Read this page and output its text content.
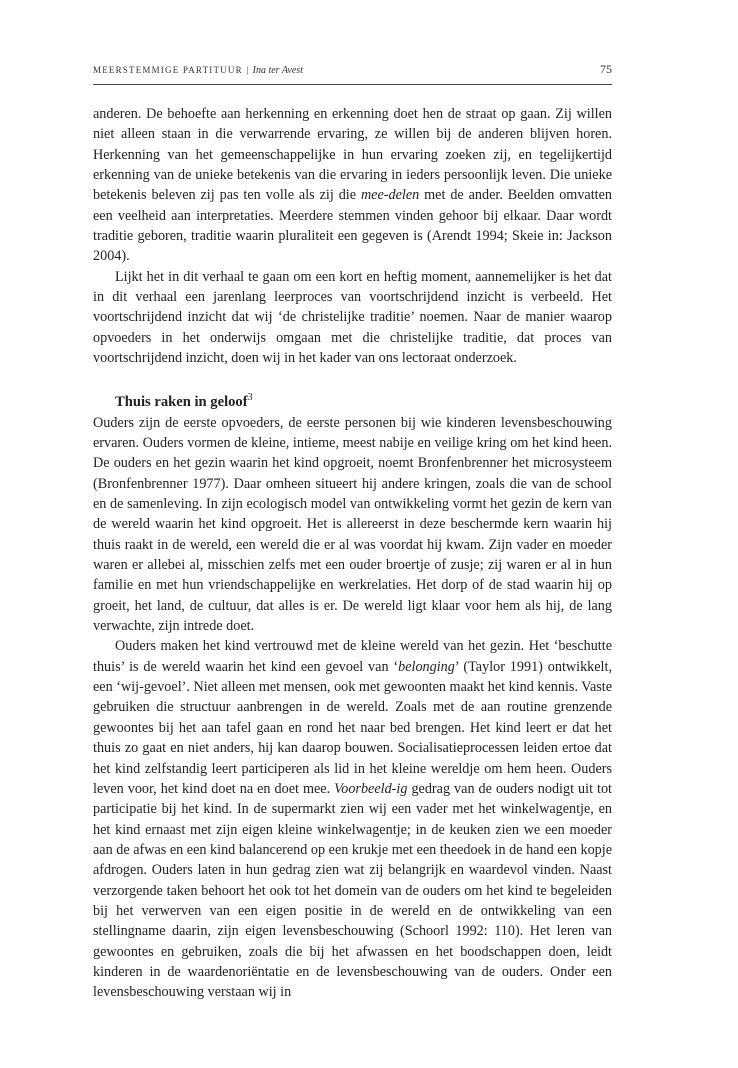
MEERSTEMMIGE PARTITUUR | Ina ter Avest	75

anderen. De behoefte aan herkenning en erkenning doet hen de straat op gaan. Zij willen niet alleen staan in die verwarrende ervaring, ze willen bij de anderen blijven horen. Herkenning van het gemeenschappelijke in hun ervaring zoeken zij, en tegelijkertijd erkenning van de unieke betekenis van die ervaring in ieders persoonlijk leven. Die unieke betekenis beleven zij pas ten volle als zij die mee-delen met de ander. Beelden omvatten een veelheid aan interpretaties. Meerdere stemmen vinden gehoor bij elkaar. Daar wordt traditie geboren, traditie waarin pluraliteit een gegeven is (Arendt 1994; Skeie in: Jackson 2004).

Lijkt het in dit verhaal te gaan om een kort en heftig moment, aannemelijker is het dat in dit verhaal een jarenlang leerproces van voortschrijdend inzicht is verbeeld. Het voortschrijdend inzicht dat wij ‘de christelijke traditie’ noemen. Naar de manier waarop opvoeders in het onderwijs omgaan met die christelijke traditie, dat proces van voortschrijdend inzicht, doen wij in het kader van ons lectoraat onderzoek.

Thuis raken in geloof$^3$

Ouders zijn de eerste opvoeders, de eerste personen bij wie kinderen levensbeschouwing ervaren. Ouders vormen de kleine, intieme, meest nabije en veilige kring om het kind heen. De ouders en het gezin waarin het kind opgroeit, noemt Bronfenbrenner het microsysteem (Bronfenbrenner 1977). Daar omheen situeert hij andere kringen, zoals die van de school en de samenleving. In zijn ecologisch model van ontwikkeling vormt het gezin de kern van de wereld waarin het kind opgroeit. Het is allereerst in deze beschermde kern waarin hij thuis raakt in de wereld, een wereld die er al was voordat hij kwam. Zijn vader en moeder waren er allebei al, misschien zelfs met een ouder broertje of zusje; zij waren er al in hun familie en met hun vriendschappelijke en werkrelaties. Het dorp of de stad waarin hij op groeit, het land, de cultuur, dat alles is er. De wereld ligt klaar voor hem als hij, de lang verwachte, zijn intrede doet.

Ouders maken het kind vertrouwd met de kleine wereld van het gezin. Het ‘beschutte thuis’ is de wereld waarin het kind een gevoel van ‘belonging’ (Taylor 1991) ontwikkelt, een ‘wij-gevoel’. Niet alleen met mensen, ook met gewoonten maakt het kind kennis. Vaste gebruiken die structuur aanbrengen in de wereld. Zoals met de aan routine grenzende gewoontes bij het aan tafel gaan en rond het naar bed brengen. Het kind leert er dat het thuis zo gaat en niet anders, hij kan daarop bouwen. Socialisatieprocessen leiden ertoe dat het kind zelfstandig leert participeren als lid in het kleine wereldje om hem heen. Ouders leven voor, het kind doet na en doet mee. Voorbeeld-ig gedrag van de ouders nodigt uit tot participatie bij het kind. In de supermarkt zien wij een vader met het winkelwagentje, en het kind ernaast met zijn eigen kleine winkelwagentje; in de keuken zien we een moeder aan de afwas en een kind balancerend op een krukje met een theedoek in de hand een kopje afdrogen. Ouders laten in hun gedrag zien wat zij belangrijk en waardevol vinden. Naast verzorgende taken behoort het ook tot het domein van de ouders om het kind te begeleiden bij het verwerven van een eigen positie in de wereld en de ontwikkeling van een stellingname daarin, zijn eigen levensbeschouwing (Schoorl 1992: 110). Het leren van gewoontes en gebruiken, zoals die bij het afwassen en het boodschappen doen, leidt kinderen in de waardenoriëntatie en de levensbeschouwing van de ouders. Onder een levensbeschouwing verstaan wij in
